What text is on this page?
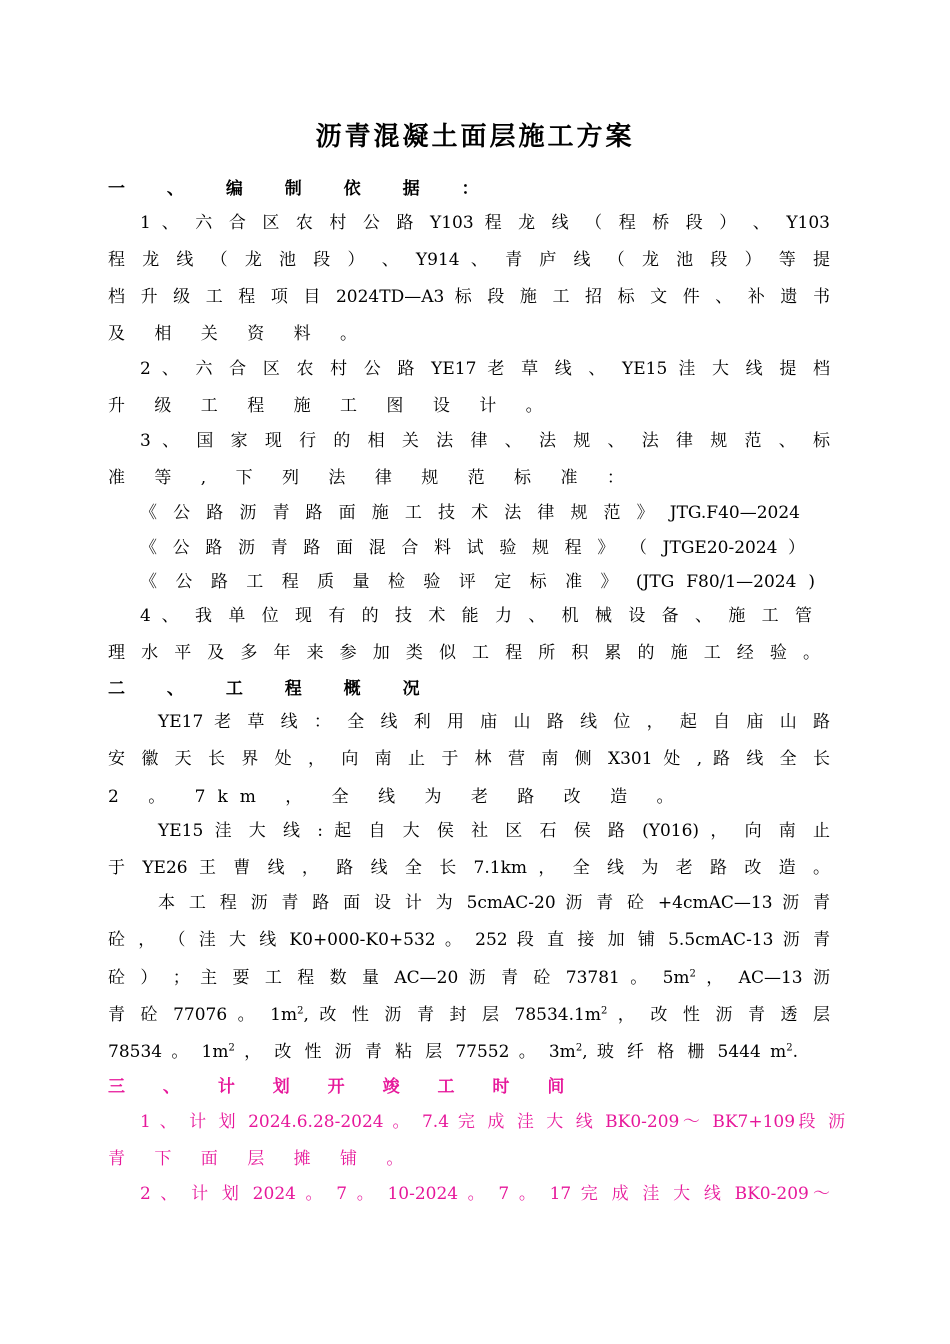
沥青混凝土面层施工方案
一 、 编 制 依 据 ：
1 、 六 合 区 农 村 公 路 Y103 程 龙 线 （ 程 桥 段 ） 、 Y103
程 龙 线 （ 龙 池 段 ） 、 Y914 、 青 庐 线 （ 龙 池 段 ） 等 提
档 升 级 工 程 项 目 2024TD—A3 标 段 施 工 招 标 文 件 、 补 遗 书
及 相 关 资 料 。
2 、 六 合 区 农 村 公 路 YE17 老 草 线 、 YE15 洼 大 线 提 档
升 级 工 程 施 工 图 设 计 。
3 、 国 家 现 行 的 相 关 法 律 、 法 规 、 法 律 规 范 、 标
准 等 , 下 列 法 律 规 范 标 准 ：
《 公 路 沥 青 路 面 施 工 技 术 法 律 规 范 》 JTG.F40—2024
《 公 路 沥 青 路 面 混 合 料 试 验 规 程 》 （ JTGE20-2024 ）
《 公 路 工 程 质 量 检 验 评 定 标 准 》 (JTG F80/1—2024 )
4 、 我 单 位 现 有 的 技 术 能 力 、 机 械 设 备 、 施 工 管
理 水 平 及 多 年 来 参 加 类 似 工 程 所 积 累 的 施 工 经 验 。
二 、 工 程 概 况
YE17 老 草 线 ： 全 线 利 用 庙 山 路 线 位 ， 起 自 庙 山 路
安 徽 天 长 界 处 ， 向 南 止 于 林 营 南 侧 X301 处 , 路 线 全 长
2 。 7km ， 全 线 为 老 路 改 造 。
YE15 洼 大 线 : 起 自 大 侯 社 区 石 侯 路 (Y016) ， 向 南 止
于 YE26 王 曹 线 ， 路 线 全 长 7.1km ， 全 线 为 老 路 改 造 。
本 工 程 沥 青 路 面 设 计 为 5cmAC-20 沥 青 砼 +4cmAC—13 沥 青
砼 ， （ 洼 大 线 K0+000-K0+532 。 252 段 直 接 加 铺 5.5cmAC-13 沥 青
砼 ） ； 主 要 工 程 数 量 AC—20 沥 青 砼 73781 。 $5m^2$ ， AC—13 沥
青 砼 77076 。 $1m^2$, 改 性 沥 青 封 层 $78534.1m^2$ ， 改 性 沥 青 透 层
78534 。 $1m^2$ ， 改 性 沥 青 粘 层 77552 。 $3m^2$, 玻 纤 格 栅 5444 $m^2$.
三 、 计 划 开 竣 工 时 间
1 、 计 划 2024.6.28-2024 。 7.4 完 成 洼 大 线 BK0-209～ BK7+109段 沥
青 下 面 层 摊 铺 。
2 、 计 划 2024 。 7 。 10-2024 。 7 。 17 完 成 洼 大 线 BK0-209～
